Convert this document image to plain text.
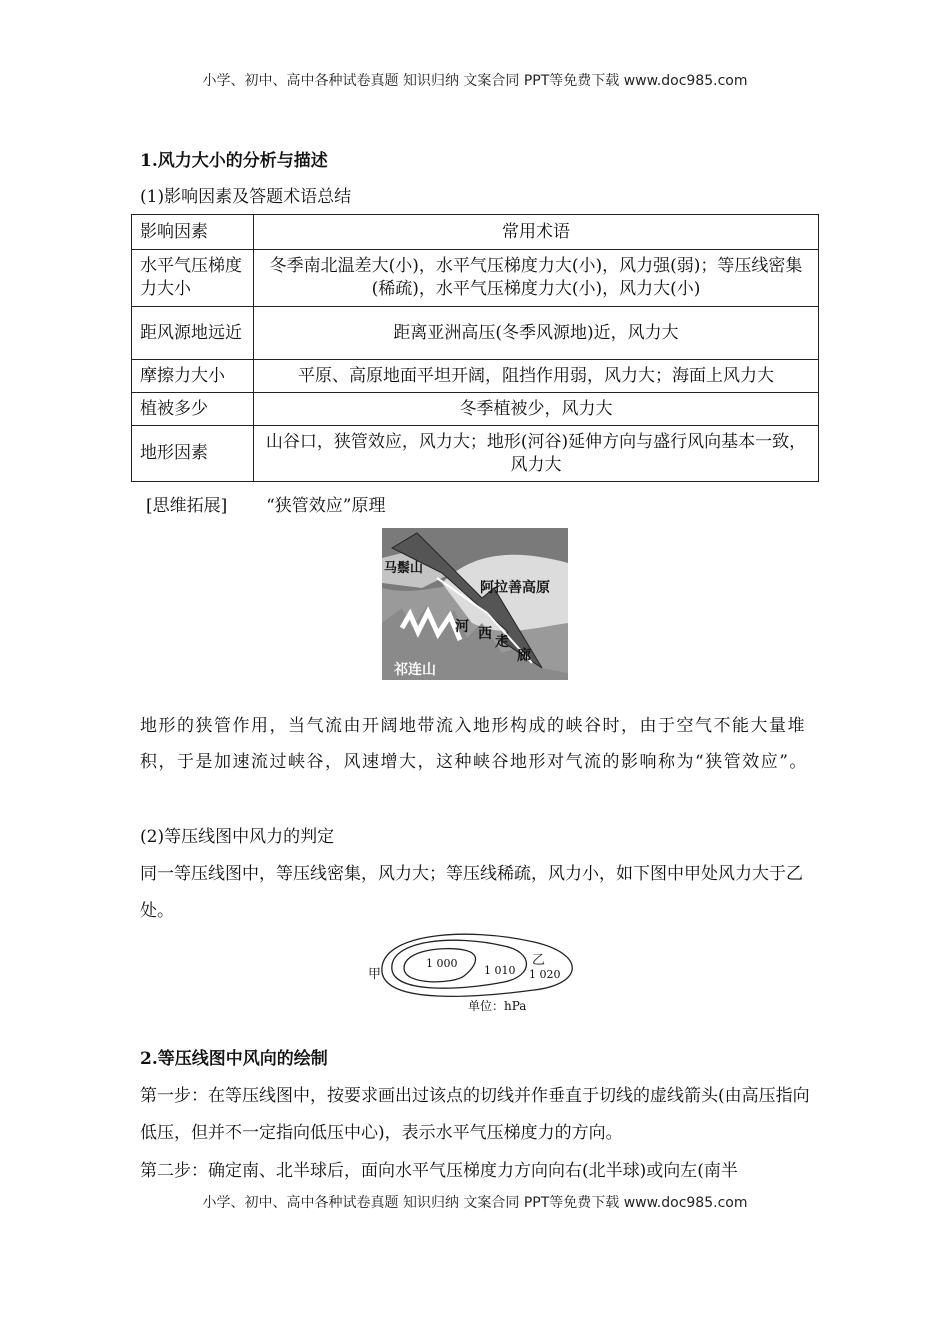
小学、初中、高中各种试卷真题 知识归纳 文案合同 PPT等免费下载 www.doc985.com
1.风力大小的分析与描述
(1)影响因素及答题术语总结
影响因素	常用术语
水平气压梯度力大小	冬季南北温差大(小)，水平气压梯度力大(小)，风力强(弱)；等压线密集(稀疏)，水平气压梯度力大(小)，风力大(小)
距风源地远近	距离亚洲高压(冬季风源地)近，风力大
摩擦力大小	平原、高原地面平坦开阔，阻挡作用弱，风力大；海面上风力大
植被多少	冬季植被少，风力大
地形因素	山谷口，狭管效应，风力大；地形(河谷)延伸方向与盛行风向基本一致，风力大
[思维拓展] “狭管效应”原理
马鬃山
阿拉善高原
河 西 走
廊
祁连山
地形的狭管作用，当气流由开阔地带流入地形构成的峡谷时，由于空气不能大量堆积，于是加速流过峡谷，风速增大，这种峡谷地形对气流的影响称为“狭管效应”。
(2)等压线图中风力的判定
同一等压线图中，等压线密集，风力大；等压线稀疏，风力小，如下图中甲处风力大于乙处。
甲
乙
1 000
1 010 1 020
单位：hPa
2.等压线图中风向的绘制
第一步：在等压线图中，按要求画出过该点的切线并作垂直于切线的虚线箭头(由高压指向低压，但并不一定指向低压中心)，表示水平气压梯度力的方向。
第二步：确定南、北半球后，面向水平气压梯度力方向向右(北半球)或向左(南半
小学、初中、高中各种试卷真题 知识归纳 文案合同 PPT等免费下载 www.doc985.com
